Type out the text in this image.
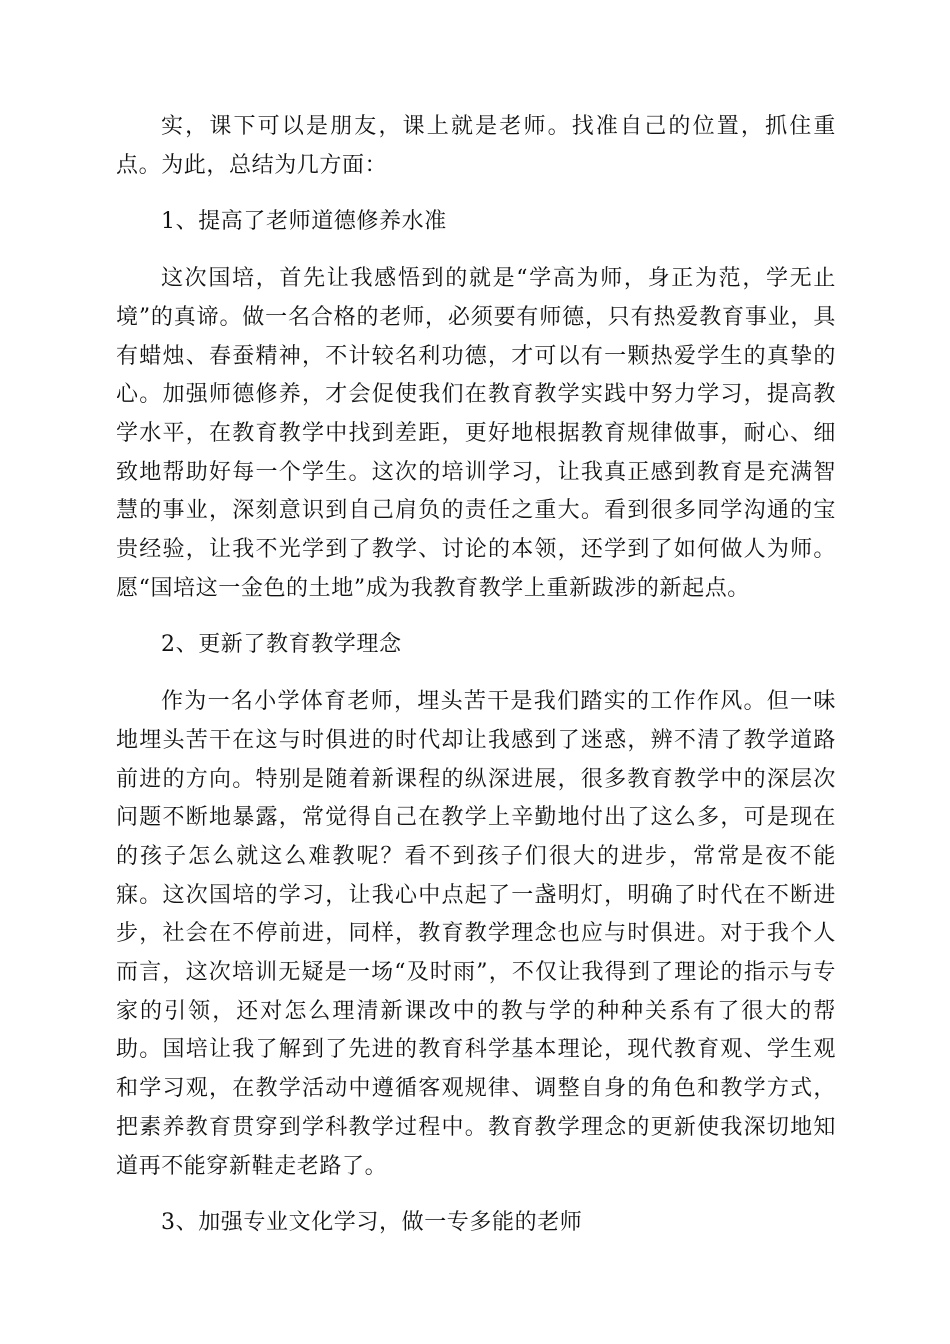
实，课下可以是朋友，课上就是老师。找准自己的位置，抓住重点。为此，总结为几方面：

1、提高了老师道德修养水准

这次国培，首先让我感悟到的就是“学高为师，身正为范，学无止境”的真谛。做一名合格的老师，必须要有师德，只有热爱教育事业，具有蜡烛、春蚕精神，不计较名利功德，才可以有一颗热爱学生的真挚的心。加强师德修养，才会促使我们在教育教学实践中努力学习，提高教学水平，在教育教学中找到差距，更好地根据教育规律做事，耐心、细致地帮助好每一个学生。这次的培训学习，让我真正感到教育是充满智慧的事业，深刻意识到自己肩负的责任之重大。看到很多同学沟通的宝贵经验，让我不光学到了教学、讨论的本领，还学到了如何做人为师。愿“国培这一金色的土地”成为我教育教学上重新跋涉的新起点。

2、更新了教育教学理念

作为一名小学体育老师，埋头苦干是我们踏实的工作作风。但一味地埋头苦干在这与时俱进的时代却让我感到了迷惑，辨不清了教学道路前进的方向。特别是随着新课程的纵深进展，很多教育教学中的深层次问题不断地暴露，常觉得自己在教学上辛勤地付出了这么多，可是现在的孩子怎么就这么难教呢？看不到孩子们很大的进步，常常是夜不能寐。这次国培的学习，让我心中点起了一盏明灯，明确了时代在不断进步，社会在不停前进，同样，教育教学理念也应与时俱进。对于我个人而言，这次培训无疑是一场“及时雨”，不仅让我得到了理论的指示与专家的引领，还对怎么理清新课改中的教与学的种种关系有了很大的帮助。国培让我了解到了先进的教育科学基本理论，现代教育观、学生观和学习观，在教学活动中遵循客观规律、调整自身的角色和教学方式，把素养教育贯穿到学科教学过程中。教育教学理念的更新使我深切地知道再不能穿新鞋走老路了。

3、加强专业文化学习，做一专多能的老师
